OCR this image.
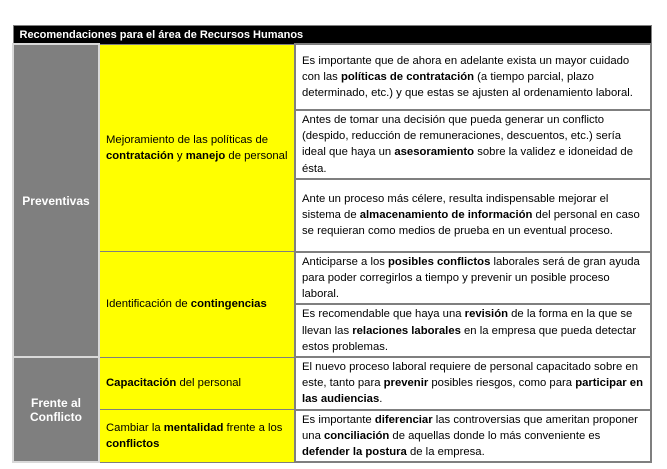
Recomendaciones para el área de Recursos Humanos		
Preventivas	Mejoramiento de las políticas de contratación y manejo de personal	Es importante que de ahora en adelante exista un mayor cuidado con las políticas de contratación (a tiempo parcial, plazo determinado, etc.) y que estas se ajusten al ordenamiento laboral.
		Antes de tomar una decisión que pueda generar un conflicto (despido, reducción de remuneraciones, descuentos, etc.) sería ideal que haya un asesoramiento sobre la validez e idoneidad de ésta.
		Ante un proceso más célere, resulta indispensable mejorar el sistema de almacenamiento de información del personal en caso se requieran como medios de prueba en un eventual proceso.
	Identificación de contingencias	Anticiparse a los posibles conflictos laborales será de gran ayuda para poder corregirlos a tiempo y prevenir un posible proceso laboral.
		Es recomendable que haya una revisión de la forma en la que se llevan las relaciones laborales en la empresa que pueda detectar estos problemas.
Frente al Conflicto	Capacitación del personal	El nuevo proceso laboral requiere de personal capacitado sobre en este, tanto para prevenir posibles riesgos, como para participar en las audiencias.
	Cambiar la mentalidad frente a los conflictos	Es importante diferenciar las controversias que ameritan proponer una conciliación de aquellas donde lo más conveniente es defender la postura de la empresa.
